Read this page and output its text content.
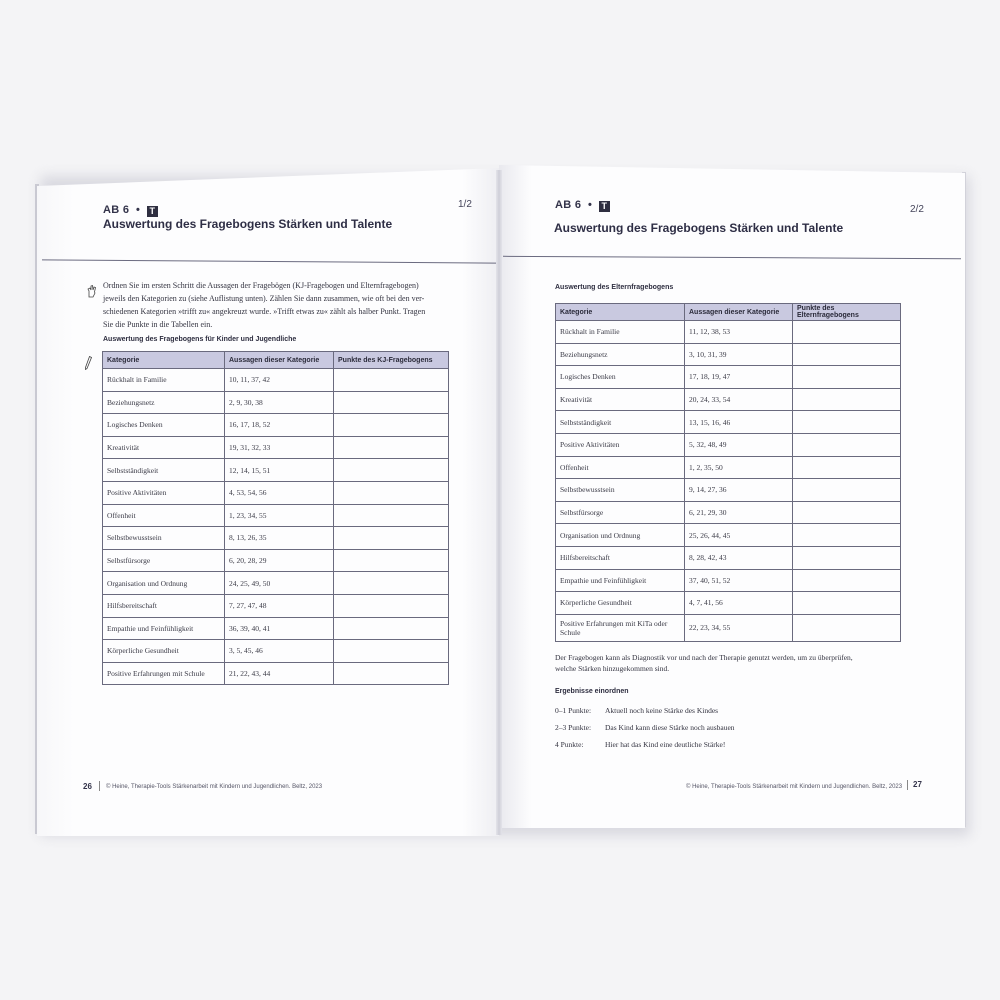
AB 6  •  T
1/2
Auswertung des Fragebogens Stärken und Talente
Ordnen Sie im ersten Schritt die Aussagen der Fragebögen (KJ-Fragebogen und Elternfragebogen)
jeweils den Kategorien zu (siehe Auflistung unten). Zählen Sie dann zusammen, wie oft bei den ver-
schiedenen Kategorien »trifft zu« angekreuzt wurde. »Trifft etwas zu« zählt als halber Punkt. Tragen
Sie die Punkte in die Tabellen ein.
Auswertung des Fragebogens für Kinder und Jugendliche
Kategorie	Aussagen dieser Kategorie	Punkte des KJ-Fragebogens
Rückhalt in Familie	10, 11, 37, 42	
Beziehungsnetz	2, 9, 30, 38	
Logisches Denken	16, 17, 18, 52	
Kreativität	19, 31, 32, 33	
Selbstständigkeit	12, 14, 15, 51	
Positive Aktivitäten	4, 53, 54, 56	
Offenheit	1, 23, 34, 55	
Selbstbewusstsein	8, 13, 26, 35	
Selbstfürsorge	6, 20, 28, 29	
Organisation und Ordnung	24, 25, 49, 50	
Hilfsbereitschaft	7, 27, 47, 48	
Empathie und Feinfühligkeit	36, 39, 40, 41	
Körperliche Gesundheit	3, 5, 45, 46	
Positive Erfahrungen mit Schule	21, 22, 43, 44	
26 © Heine, Therapie-Tools Stärkenarbeit mit Kindern und Jugendlichen. Beltz, 2023
AB 6  •  T	2/2
Auswertung des Fragebogens Stärken und Talente
Auswertung des Elternfragebogens
Kategorie	Aussagen dieser Kategorie	Punkte des Elternfragebogens
Rückhalt in Familie	11, 12, 38, 53	
Beziehungsnetz	3, 10, 31, 39	
Logisches Denken	17, 18, 19, 47	
Kreativität	20, 24, 33, 54	
Selbstständigkeit	13, 15, 16, 46	
Positive Aktivitäten	5, 32, 48, 49	
Offenheit	1, 2, 35, 50	
Selbstbewusstsein	9, 14, 27, 36	
Selbstfürsorge	6, 21, 29, 30	
Organisation und Ordnung	25, 26, 44, 45	
Hilfsbereitschaft	8, 28, 42, 43	
Empathie und Feinfühligkeit	37, 40, 51, 52	
Körperliche Gesundheit	4, 7, 41, 56	
Positive Erfahrungen mit KiTa oder Schule	22, 23, 34, 55	
Der Fragebogen kann als Diagnostik vor und nach der Therapie genutzt werden, um zu überprüfen,
welche Stärken hinzugekommen sind.
Ergebnisse einordnen
0–1 Punkte:	Aktuell noch keine Stärke des Kindes
2–3 Punkte:	Das Kind kann diese Stärke noch ausbauen
4 Punkte:	Hier hat das Kind eine deutliche Stärke!
© Heine, Therapie-Tools Stärkenarbeit mit Kindern und Jugendlichen. Beltz, 2023 27
